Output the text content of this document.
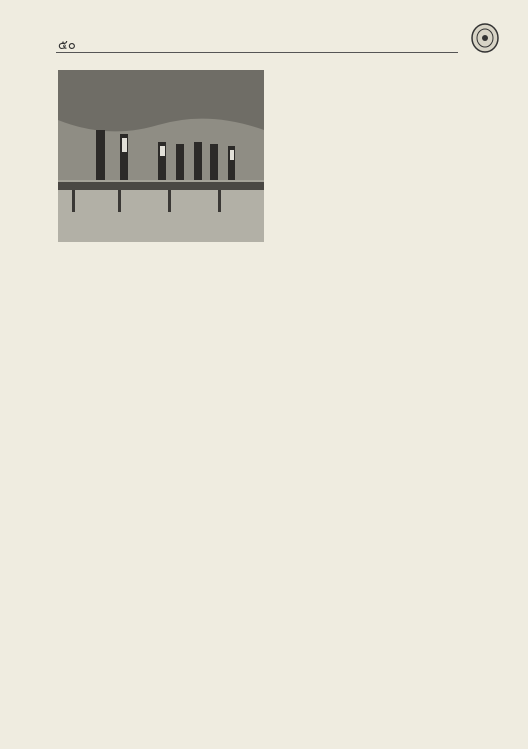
๕๐
